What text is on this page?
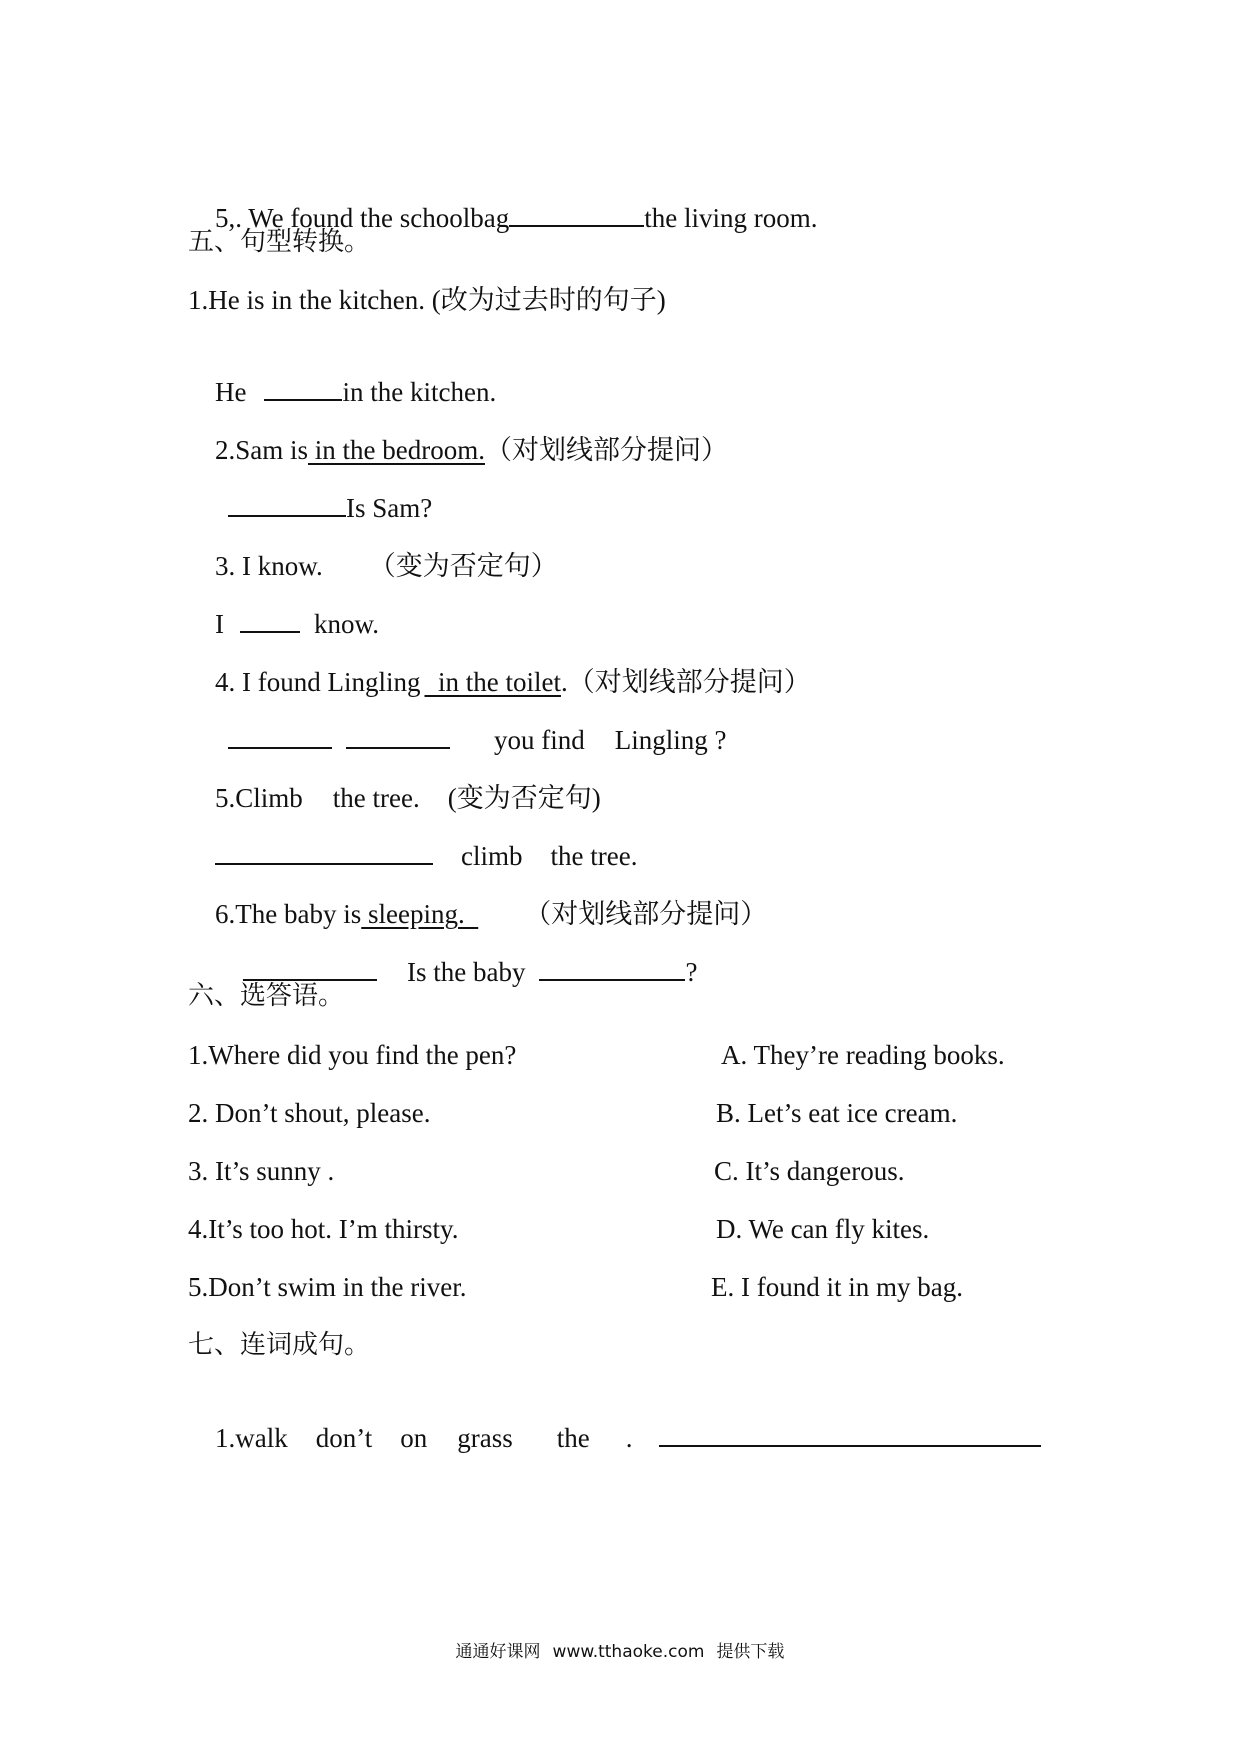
5,. We found the schoolbag	the living room.

五、句型转换。
1.He is in the kitchen. (改为过去时的句子)

He	in the kitchen.

2.Sam is in the bedroom.（对划线部分提问）

Is Sam?

3. I know. （变为否定句）

I	know.

4. I found Lingling  in the toilet.（对划线部分提问）

you find Lingling ?

5.Climb the tree. (变为否定句)

climb the tree.

6.The baby is sleeping.  （对划线部分提问）

Is the baby	?

六、选答语。
1.Where did you find the pen?	A. They’re reading books.
2. Don’t shout, please.	B. Let’s eat ice cream.
3. It’s sunny .	C. It’s dangerous.
4.It’s too hot. I’m thirsty.	D. We can fly kites.
5.Don’t swim in the river.	E. I found it in my bag.
七、连词成句。

1.walk don’t on grass the .

通通好课网 www.tthaoke.com 提供下载
